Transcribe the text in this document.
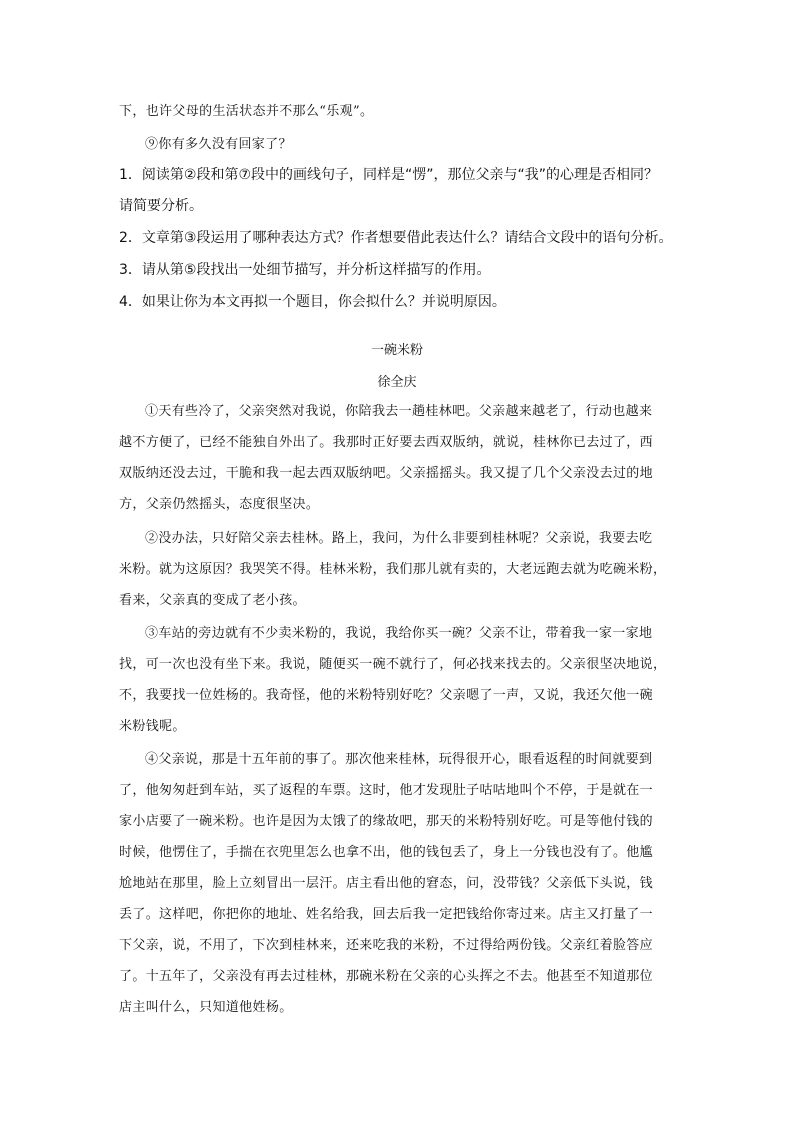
下，也许父母的生活状态并不那么“乐观”。

⑨你有多久没有回家了？

1．阅读第②段和第⑦段中的画线句子，同样是“愣”，那位父亲与“我”的心理是否相同？

请简要分析。

2．文章第③段运用了哪种表达方式？作者想要借此表达什么？请结合文段中的语句分析。

3．请从第⑤段找出一处细节描写，并分析这样描写的作用。

4．如果让你为本文再拟一个题目，你会拟什么？并说明原因。

一碗米粉

徐全庆

①天有些冷了，父亲突然对我说，你陪我去一趟桂林吧。父亲越来越老了，行动也越来

越不方便了，已经不能独自外出了。我那时正好要去西双版纳，就说，桂林你已去过了，西

双版纳还没去过，干脆和我一起去西双版纳吧。父亲摇摇头。我又提了几个父亲没去过的地

方，父亲仍然摇头，态度很坚决。

②没办法，只好陪父亲去桂林。路上，我问，为什么非要到桂林呢？父亲说，我要去吃

米粉。就为这原因？我哭笑不得。桂林米粉，我们那儿就有卖的，大老远跑去就为吃碗米粉，

看来，父亲真的变成了老小孩。

③车站的旁边就有不少卖米粉的，我说，我给你买一碗？父亲不让，带着我一家一家地

找，可一次也没有坐下来。我说，随便买一碗不就行了，何必找来找去的。父亲很坚决地说，

不，我要找一位姓杨的。我奇怪，他的米粉特别好吃？父亲嗯了一声，又说，我还欠他一碗

米粉钱呢。

④父亲说，那是十五年前的事了。那次他来桂林，玩得很开心，眼看返程的时间就要到

了，他匆匆赶到车站，买了返程的车票。这时，他才发现肚子咕咕地叫个不停，于是就在一

家小店要了一碗米粉。也许是因为太饿了的缘故吧，那天的米粉特别好吃。可是等他付钱的

时候，他愣住了，手揣在衣兜里怎么也拿不出，他的钱包丢了，身上一分钱也没有了。他尴

尬地站在那里，脸上立刻冒出一层汗。店主看出他的窘态，问，没带钱？父亲低下头说，钱

丢了。这样吧，你把你的地址、姓名给我，回去后我一定把钱给你寄过来。店主又打量了一

下父亲，说，不用了，下次到桂林来，还来吃我的米粉，不过得给两份钱。父亲红着脸答应

了。十五年了，父亲没有再去过桂林，那碗米粉在父亲的心头挥之不去。他甚至不知道那位

店主叫什么，只知道他姓杨。
